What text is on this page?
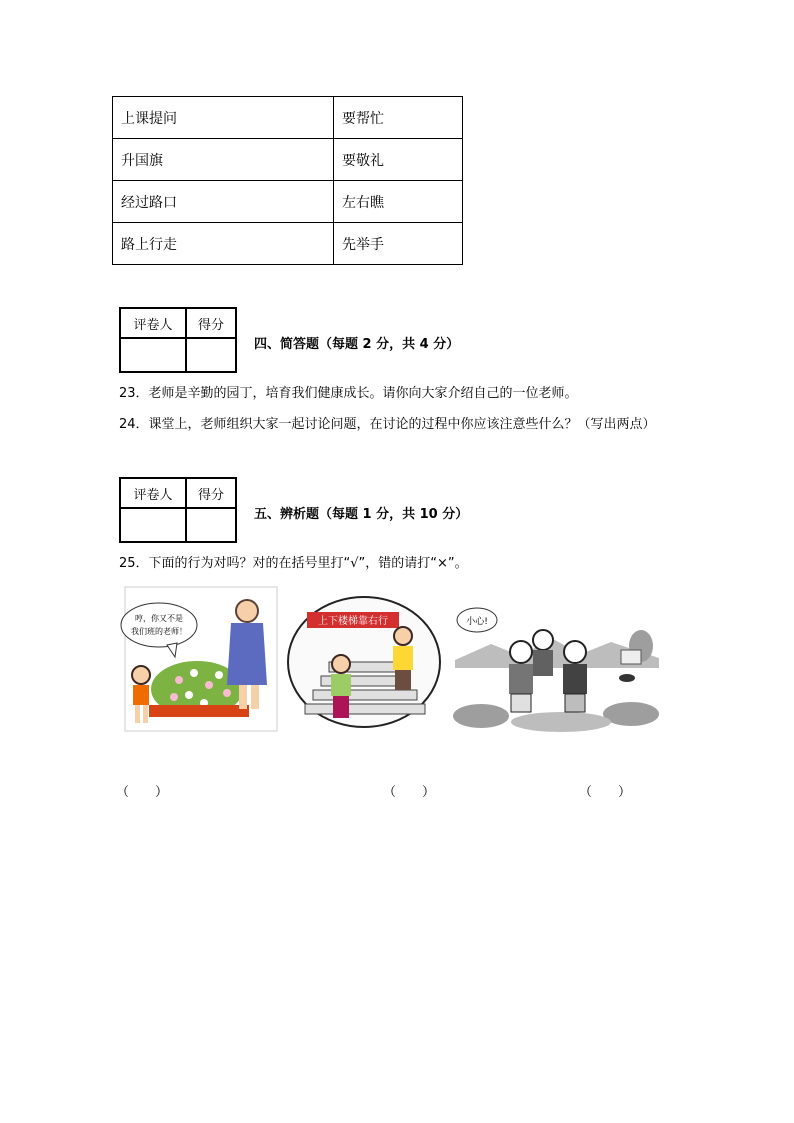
上课提问	要帮忙
升国旗	要敬礼
经过路口	左右瞧
路上行走	先举手
评卷人	得分

四、简答题（每题 2 分，共 4 分）
23．老师是辛勤的园丁，培育我们健康成长。请你向大家介绍自己的一位老师。
24．课堂上，老师组织大家一起讨论问题，在讨论的过程中你应该注意些什么？（写出两点）
评卷人	得分

五、辨析题（每题 1 分，共 10 分）
25．下面的行为对吗？对的在括号里打“√”，错的请打“×”。
哼，你又不是
我们班的老师！
上下楼梯靠右行	小心!
（　　）	（　　）	（　　）
